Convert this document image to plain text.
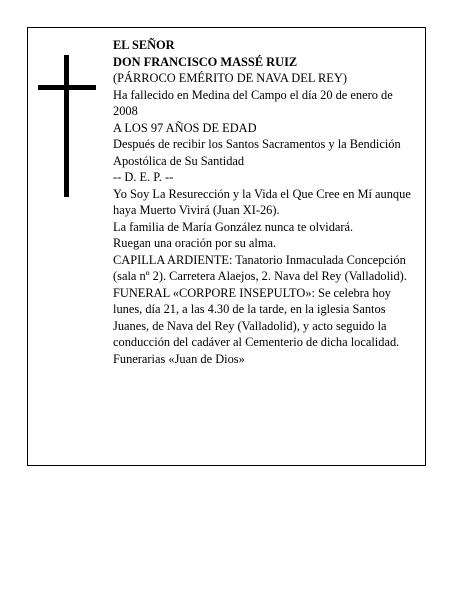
EL SEÑOR

DON FRANCISCO MASSÉ RUIZ

(PÁRROCO EMÉRITO DE NAVA DEL REY)

Ha fallecido en Medina del Campo el día 20 de enero de 2008

A LOS 97 AÑOS DE EDAD

Después de recibir los Santos Sacramentos y la Bendición Apostólica de Su Santidad

-- D. E. P. --

Yo Soy La Resurección y la Vida el Que Cree en Mí aunque haya Muerto Vivirá (Juan XI-26).

La familia de María González nunca te olvidará.

Ruegan una oración por su alma.

CAPILLA ARDIENTE: Tanatorio Inmaculada Concepción (sala nº 2). Carretera Alaejos, 2. Nava del Rey (Valladolid).

FUNERAL «CORPORE INSEPULTO»: Se celebra hoy lunes, día 21, a las 4.30 de la tarde, en la iglesia Santos Juanes, de Nava del Rey (Valladolid), y acto seguido la conducción del cadáver al Cementerio de dicha localidad.

Funerarias «Juan de Dios»
